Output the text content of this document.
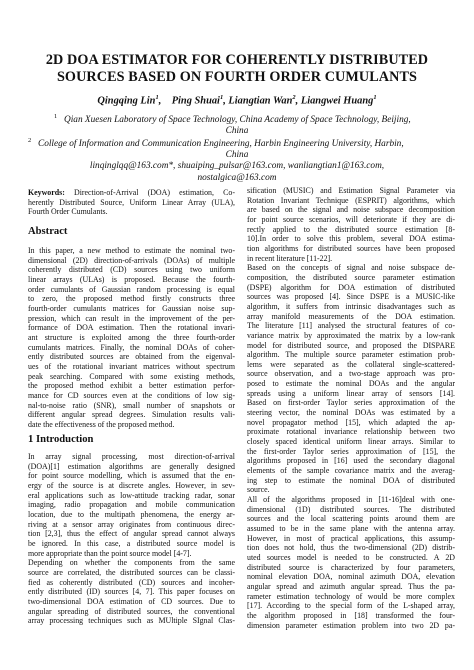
2D DOA ESTIMATOR FOR COHERENTLY DISTRIBUTED
SOURCES BASED ON FOURTH ORDER CUMULANTS
Qingqing Lin$^1$,    Ping Shuai$^1$, Liangtian Wan$^2$, Liangwei Huang$^1$
1 Qian Xuesen Laboratory of Space Technology, China Academy of Space Technology, Beijing,
China
2 College of Information and Communication Engineering, Harbin Engineering University, Harbin,
China
linqinglqq@163.com*, shuaiping_pulsar@163.com, wanliangtian1@163.com,
nostalgica@163.com
Keywords: Direction-of-Arrival (DOA) estimation, Co-
herently Distributed Source, Uniform Linear Array (ULA),
Fourth Order Cumulants.
Abstract
In this paper, a new method to estimate the nominal two-
dimensional (2D) direction-of-arrivals (DOAs) of multiple
coherently distributed (CD) sources using two uniform
linear arrays (ULAs) is proposed. Because the fourth-
order cumulants of Gaussian random processing is equal
to zero, the proposed method firstly constructs three
fourth-order cumulants matrices for Gaussian noise sup-
pression, which can result in the improvement of the per-
formance of DOA estimation. Then the rotational invari-
ant structure is exploited among the three fourth-order
cumulants matrices. Finally, the nominal DOAs of coher-
ently distributed sources are obtained from the eigenval-
ues of the rotational invariant matrices without spectrum
peak searching. Compared with some existing methods,
the proposed method exhibit a better estimation perfor-
mance for CD sources even at the conditions of low sig-
nal-to-noise ratio (SNR), small number of snapshots or
different angular spread degrees. Simulation results vali-
date the effectiveness of the proposed method.
1 Introduction
In array signal processing, most direction-of-arrival
(DOA)[1] estimation algorithms are generally designed
for point source modelling, which is assumed that the en-
ergy of the source is at discrete angles. However, in sev-
eral applications such as low-attitude tracking radar, sonar
imaging, radio propagation and mobile communication
location, due to the multipath phenomena, the energy ar-
riving at a sensor array originates from continuous direc-
tion [2,3], thus the effect of angular spread cannot always
be ignored. In this case, a distributed source model is
more appropriate than the point source model [4-7].
Depending on whether the components from the same
source are correlated, the distributed sources can be classi-
fied as coherently distributed (CD) sources and incoher-
ently distributed (ID) sources [4, 7]. This paper focuses on
two-dimensional DOA estimation of CD sources. Due to
angular spreading of distributed sources, the conventional
array processing techniques such as MUltiple SIgnal Clas-
sification (MUSIC) and Estimation Signal Parameter via
Rotation Invariant Technique (ESPRIT) algorithms, which
are based on the signal and noise subspace decomposition
for point source scenarios, will deteriorate if they are di-
rectly applied to the distributed source estimation [8-
10].In order to solve this problem, several DOA estima-
tion algorithms for distributed sources have been proposed
in recent literature [11-22].
Based on the concepts of signal and noise subspace de-
composition, the distributed source parameter estimation
(DSPE) algorithm for DOA estimation of distributed
sources was proposed [4]. Since DSPE is a MUSIC-like
algorithm, it suffers from intrinsic disadvantages such as
array manifold measurements of the DOA estimation.
The literature [11] analysed the structural features of co-
variance matrix by approximated the matrix by a low-rank
model for distributed source, and proposed the DISPARE
algorithm. The multiple source parameter estimation prob-
lems were separated as the collateral single-scattered-
source observation, and a two-stage approach was pro-
posed to estimate the nominal DOAs and the angular
spreads using a uniform linear array of sensors [14].
Based on first-order Taylor series approximation of the
steering vector, the nominal DOAs was estimated by a
novel propagator method [15], which adapted the ap-
proximate rotational invariance relationship between two
closely spaced identical uniform linear arrays. Similar to
the first-order Taylor series approximation of [15], the
algorithms proposed in [16] used the secondary diagonal
elements of the sample covariance matrix and the averag-
ing step to estimate the nominal DOA of distributed
source.
All of the algorithms proposed in [11-16]deal with one-
dimensional (1D) distributed sources. The distributed
sources and the local scattering points around them are
assumed to be in the same plane with the antenna array.
However, in most of practical applications, this assump-
tion does not hold, thus the two-dimensional (2D) distrib-
uted sources model is needed to be constructed. A 2D
distributed source is characterized by four parameters,
nominal elevation DOA, nominal azimuth DOA, elevation
angular spread and azimuth angular spread. Thus the pa-
rameter estimation technology of would be more complex
[17]. According to the special form of the L-shaped array,
the algorithm proposed in [18] transformed the four-
dimension parameter estimation problem into two 2D pa-
